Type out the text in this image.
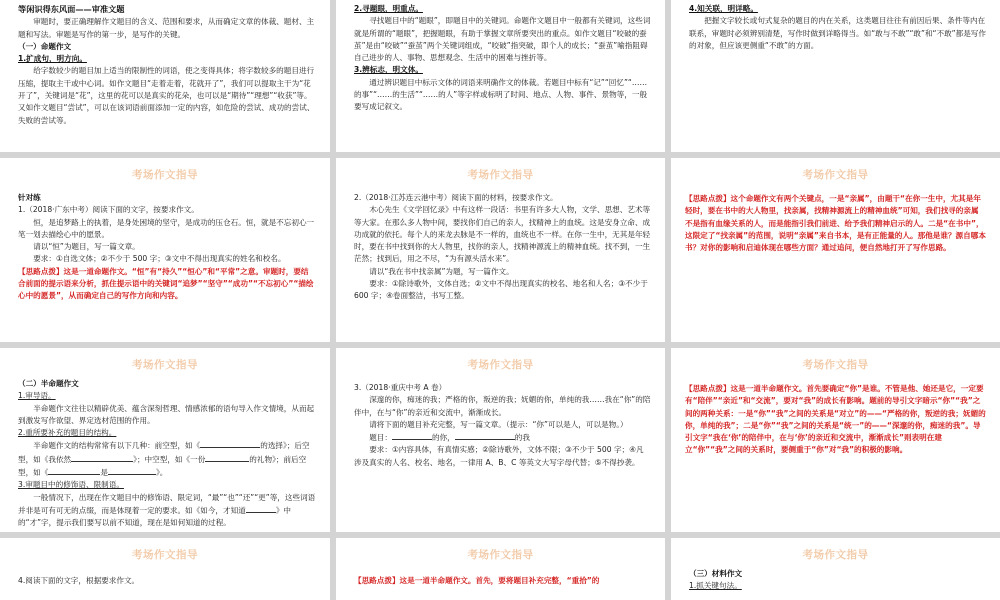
等闲识得东风面——审准文题

审题时，要正确理解作文题目的含义、范围和要求，从而确定文章的体裁、题材、主题和写法。审题是写作的第一步，是写作的关键。

（一）命题作文

1.扩成句，明方向。

给字数较少的题目加上适当的限制性的词语，使之变得具体；将字数较多的题目进行压缩，提取主干或中心词。如作文题目“走着走着，花就开了”，我们可以提取主干为“花开了”，关键词是“花”，这里的花可以是真实的花朵，也可以是“期待”“理想”“收获”等。又如作文题目“尝试”，可以在该词语前面添加一定的内容，如危险的尝试、成功的尝试、失败的尝试等。

2.寻题眼，明重点。

寻找题目中的“题眼”，即题目中的关键词。命题作文题目中一般都有关键词，这些词就是所谓的“题眼”，把握题眼，有助于掌握文章所要突出的重点。如作文题目“咬破的蚕茧”是由“咬破”“蚕茧”两个关键词组成，“咬破”指突破，即个人的成长；“蚕茧”喻指阻碍自己进步的人、事物、思想观念、生活中的困难与挫折等。

3.辨标志，明文体。

通过辨识题目中标示文体的词语来明确作文的体裁。若题目中标有“记”“回忆”“……的事”“……的生活”“……的人”等字样或标明了时间、地点、人物、事件、景物等，一般要写成记叙文。

4.知关联，明详略。

把握文字较长或句式复杂的题目的内在关系，这类题目往往有前因后果、条件等内在联系，审题时必须辨别清楚，写作时做到详略得当。如“敢与不敢”“敢”和“不敢”都是写作的对象，但应该更侧重“不敢”的方面。

考场作文指导

针对练

1.（2018·广东中考）阅读下面的文字，按要求作文。

恒，是追梦路上的执着，是身处困境的坚守，是成功的压仓石。恒，就是不忘初心一笔一划去描绘心中的愿景。

请以“恒”为题目，写一篇文章。

要求：①自选文体；②不少于 500 字；③文中不得出现真实的姓名和校名。

【思路点拨】这是一道命题作文。“恒”有“持久”“恒心”和“平常”之意。审题时，要结合前面的提示语来分析，抓住提示语中的关键词“追梦”“坚守”“成功”“不忘初心”“描绘心中的愿景”，从而确定自己的写作方向和内容。

考场作文指导

2.（2018·江苏连云港中考）阅读下面的材料，按要求作文。

木心先生《文学回忆录》中有这样一段话：书里有许多大人物，文学、思想、艺术等等大家。在那么多人物中间，要找你们自己的亲人，找精神上的血统。这是安身立命、成功成就的依托。每个人的来龙去脉是不一样的，血统也不一样。在你一生中，无其是年轻时，要在书中找到你的大人物里，找你的亲人，找精神源流上的精神血统。找不到，一生茫然；找到后，用之不尽，“为有源头活水来”。

请以“我在书中找亲属”为题，写一篇作文。

要求：①除诗歌外，文体自选；②文中不得出现真实的校名、地名和人名；③不少于 600 字；④卷面整洁，书写工整。

考场作文指导

【思路点拨】这个命题作文有两个关键点，一是“亲属”，由题干“在你一生中，尤其是年轻时，要在书中的大人物里，找亲属，找精神源流上的精神血统”可知，我们找寻的亲属不是指有血缘关系的人，而是能指引我们前进、给予我们精神启示的人。二是“在书中”，这限定了“找亲属”的范围，说明“亲属”来自书本，是有正能量的人。那他是谁？源自哪本书？对你的影响和启迪体现在哪些方面？通过追问，便自然地打开了写作思路。

考场作文指导

（二）半命题作文

1.审导语。

半命题作文往往以精辟优美、蕴含深刻哲理、情感浓郁的语句导入作文情境，从而起到激发写作欲望、界定选材范围的作用。

2.重所要补充的题目的结构。

半命题作文的结构常常有以下几种：前空型，如《	的选择》；后空型，如《我依然	》；中空型，如《一份	的礼物》；前后空型，如《	是	》。

3.审题目中的修饰语、限制语。

一般情况下，出现在作文题目中的修饰语、限定词，“最”“也”“还”“更”等，这些词语并非是可有可无的点缀，而是体现着一定的要求。如《如今，才知道	》中的“才”字，提示我们要写以前不知道，现在是如何知道的过程。

考场作文指导

3.（2018·重庆中考 A 卷）

深邃的你，痴迷的我；严格的你，叛逆的我；妩媚的你，单纯的我……我在“你”的陪伴中，在与“你”的亲近和交流中，渐渐成长。

请将下面的题目补充完整，写一篇文章。（提示：“你”可以是人，可以是物。）

题目：	的你，	的我

要求：①内容具体，有真情实感；②除诗歌外，文体不限；③不少于 500 字；④凡涉及真实的人名、校名、地名，一律用 A、B、C 等英文大写字母代替；⑤不得抄袭。

考场作文指导

【思路点拨】这是一道半命题作文。首先要确定“你”是谁。不管是他、她还是它，一定要有“陪伴”“亲近”和“交流”，要对“我”的成长有影响。题前的导引文字暗示“你”“我”之间的两种关系：一是“你”“我”之间的关系是“对立”的——“严格的你，叛逆的我；妩媚的你，单纯的我”；二是“你”“我”之间的关系是“统一”的——“深邃的你，痴迷的我”。导引文字“我在‘你’的陪伴中，在与‘你’的亲近和交流中，渐渐成长”则表明在建立“你”“我”之间的关系时，要侧重于“你”对“我”的积极的影响。

考场作文指导

4.阅读下面的文字，根据要求作文。

考场作文指导

【思路点拨】这是一道半命题作文。首先，要将题目补充完整，“重拾”的

考场作文指导

（三）材料作文

1.抓关键句法。
